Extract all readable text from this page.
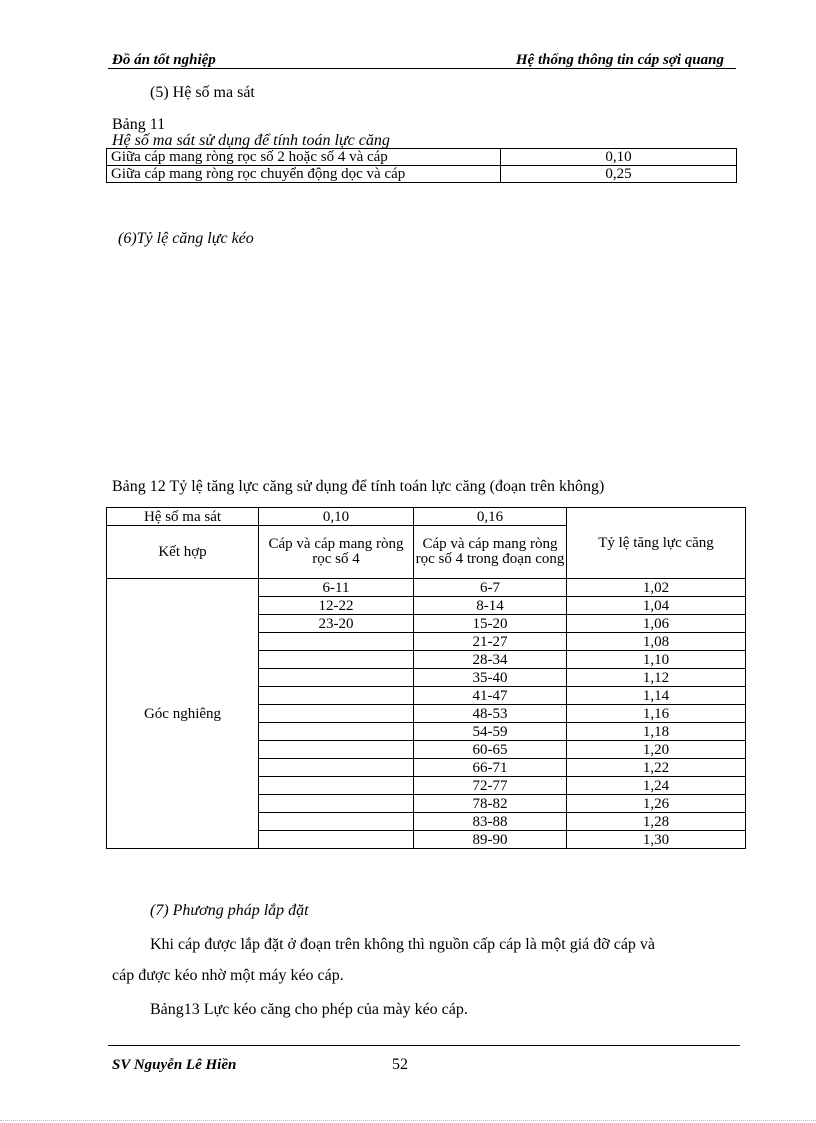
Đồ án tốt nghiệp	Hệ thống thông tin cáp sợi quang
(5) Hệ số ma sát
Bảng 11
Hệ số ma sát sử dụng để tính toán lực căng
Giữa cáp mang ròng rọc số 2 hoặc số 4 và cáp	0,10
Giữa cáp mang ròng rọc chuyển động dọc và cáp	0,25
(6)Tỷ lệ căng lực kéo
Bảng 12 Tỷ lệ tăng lực căng sử dụng để tính toán lực căng (đoạn trên không)
Hệ số ma sát	0,10	0,16	Tỷ lệ tăng lực căng
Kết hợp	Cáp và cáp mang ròng rọc số 4	Cáp và cáp mang ròng rọc số 4 trong đoạn cong	
Góc nghiêng	6-11	6-7	1,02
	12-22	8-14	1,04
	23-20	15-20	1,06
		21-27	1,08
		28-34	1,10
		35-40	1,12
		41-47	1,14
		48-53	1,16
		54-59	1,18
		60-65	1,20
		66-71	1,22
		72-77	1,24
		78-82	1,26
		83-88	1,28
		89-90	1,30
(7) Phương pháp lắp đặt
Khi cáp được lắp đặt ở đoạn trên không thì nguồn cấp cáp là một giá đỡ cáp và
cáp được kéo nhờ một máy kéo cáp.
Bảng13 Lực kéo căng cho phép của mày kéo cáp.
SV Nguyễn Lê Hiền	52
